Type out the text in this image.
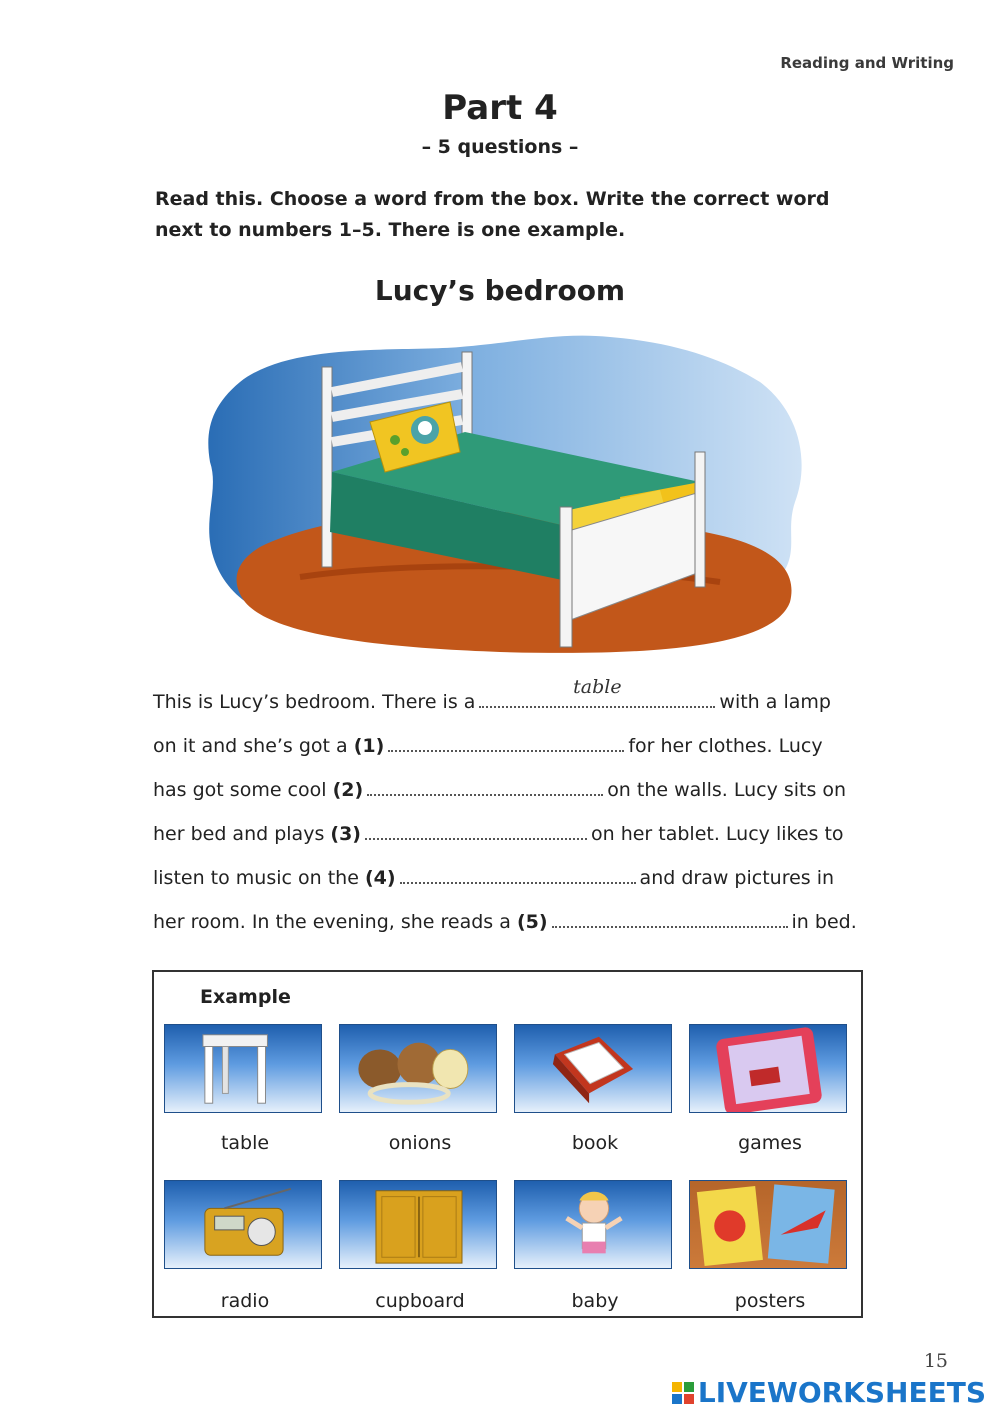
Reading and Writing
Part 4
– 5 questions –
Read this. Choose a word from the box. Write the correct word next to numbers 1–5. There is one example.
Lucy’s bedroom
This is Lucy’s bedroom. There is a
table
with a lamp
on it and she’s got a (1)	for her clothes. Lucy
has got some cool (2)	on the walls. Lucy sits on
her bed and plays (3)	on her tablet. Lucy likes to
listen to music on the (4)	and draw pictures in
her room. In the evening, she reads a (5)	in bed.
Example
table	onions	book	games
radio	cupboard	baby	posters
15
LIVEWORKSHEETS
